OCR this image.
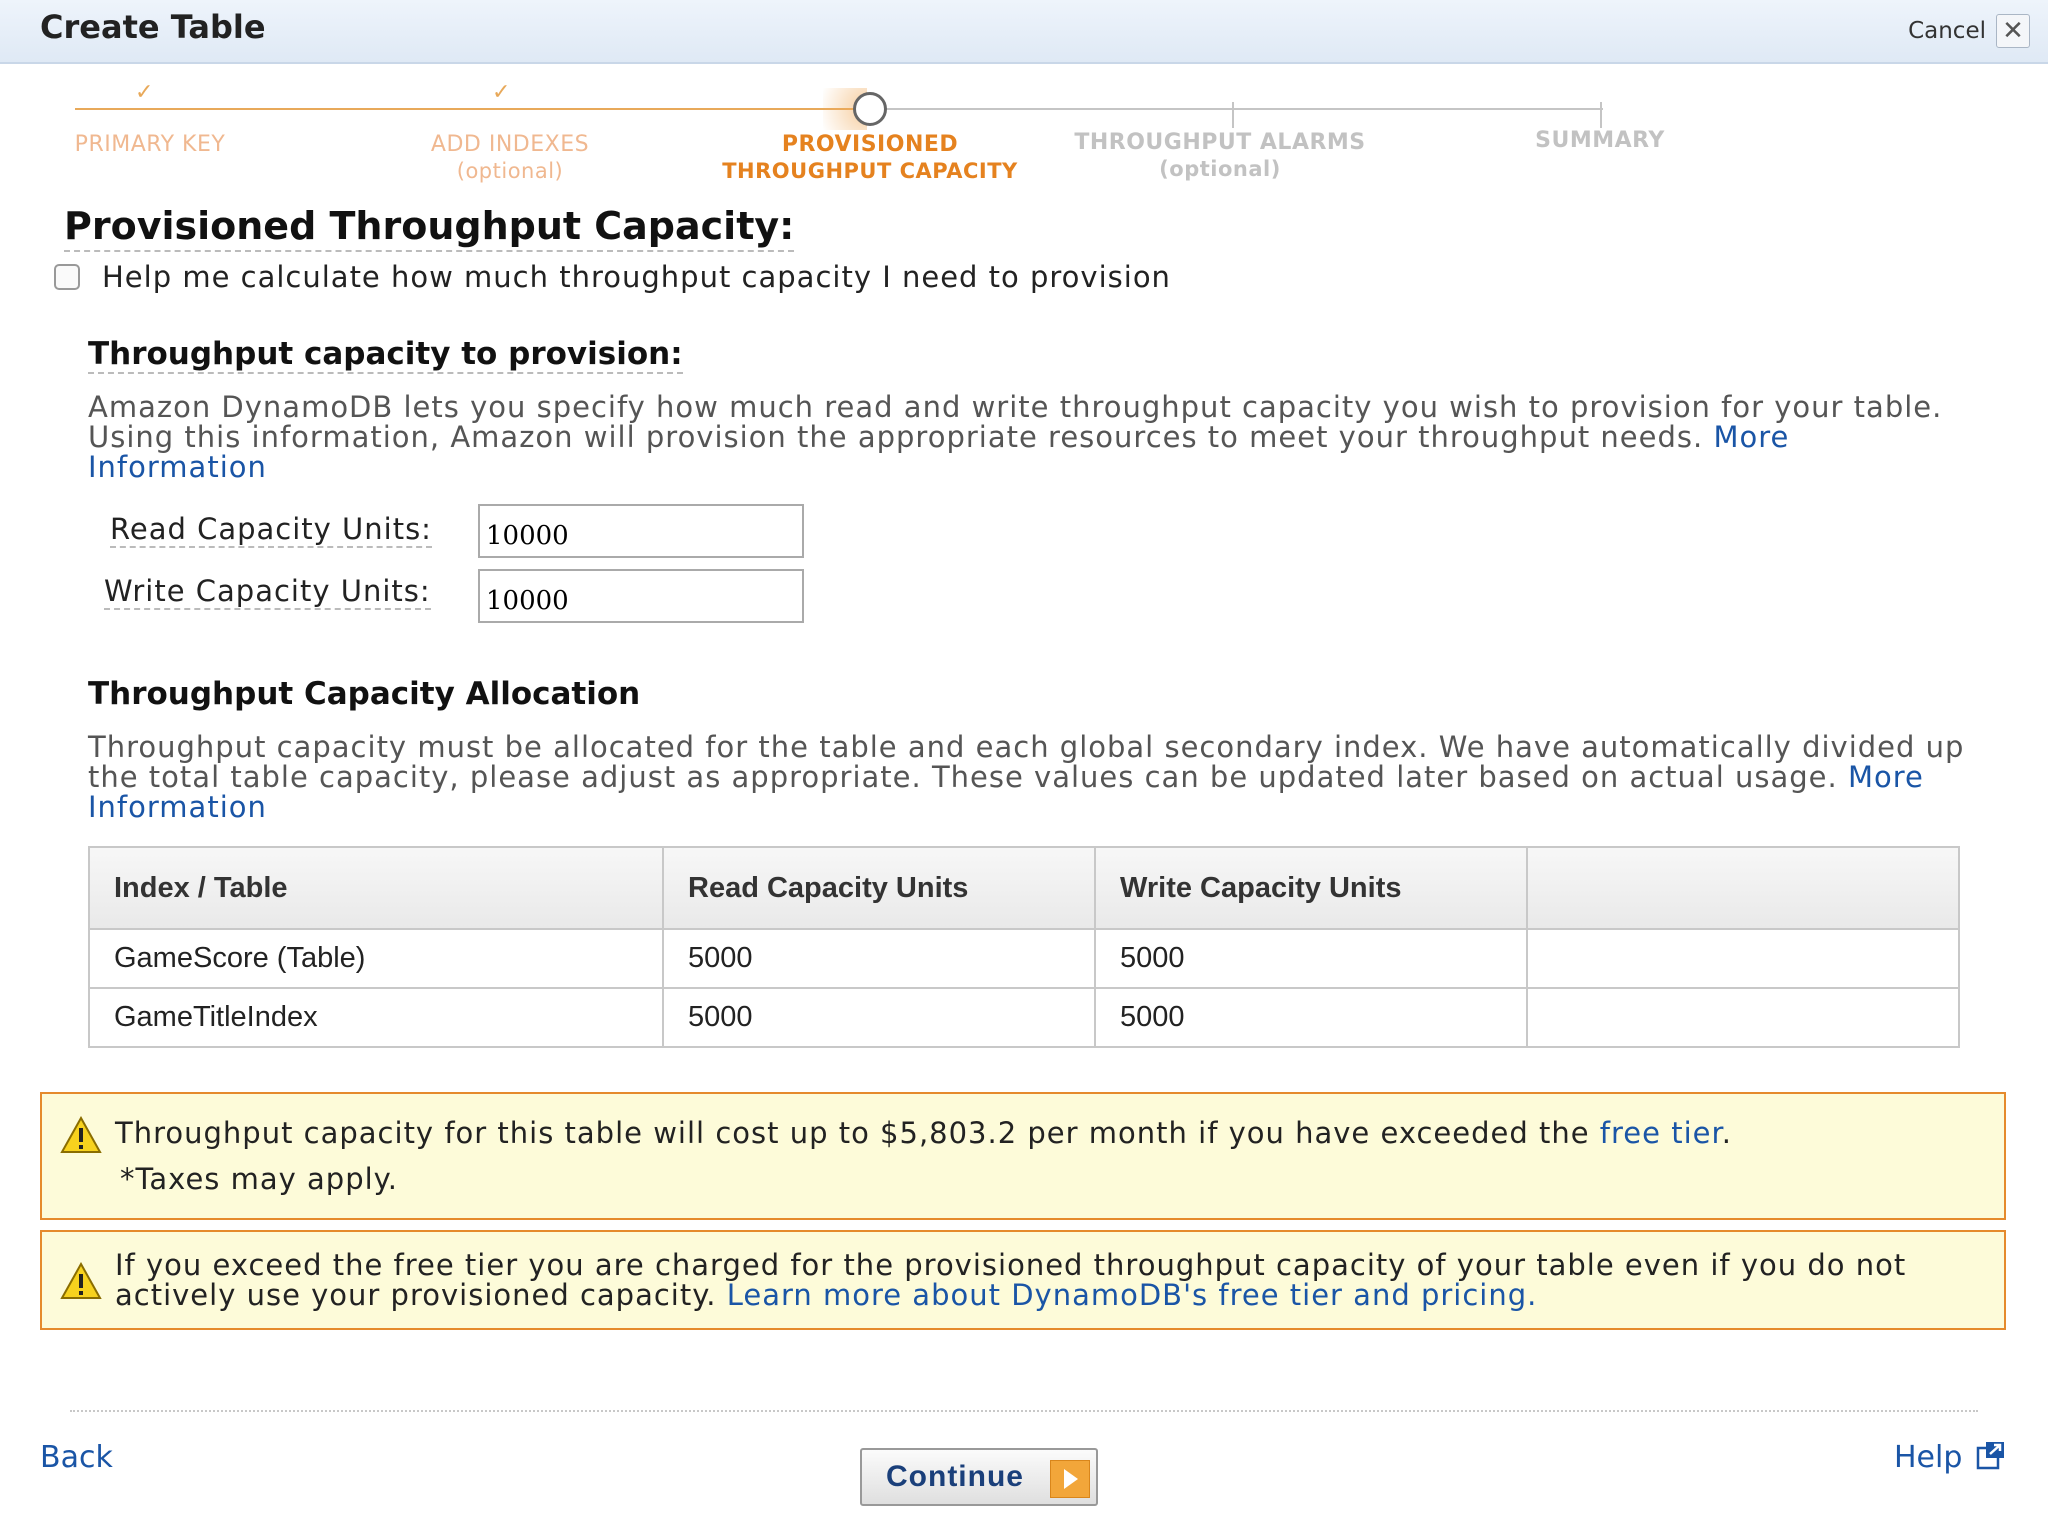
Create Table	Cancel ✕
✓	✓
PRIMARY KEY	ADD INDEXES
(optional)
PROVISIONED
THROUGHPUT CAPACITY
THROUGHPUT ALARMS
(optional)
SUMMARY
Provisioned Throughput Capacity:
Help me calculate how much throughput capacity I need to provision
Throughput capacity to provision:
Amazon DynamoDB lets you specify how much read and write throughput capacity you wish to provision for your table. Using this information, Amazon will provision the appropriate resources to meet your throughput needs. More Information
Read Capacity Units:
10000
Write Capacity Units:
10000
Throughput Capacity Allocation
Throughput capacity must be allocated for the table and each global secondary index. We have automatically divided up the total table capacity, please adjust as appropriate. These values can be updated later based on actual usage. More Information
Index / Table	Read Capacity Units	Write Capacity Units	
GameScore (Table)	5000	5000	
GameTitleIndex	5000	5000	
Throughput capacity for this table will cost up to $5,803.2 per month if you have exceeded the free tier.
*Taxes may apply.
If you exceed the free tier you are charged for the provisioned throughput capacity of your table even if you do not actively use your provisioned capacity. Learn more about DynamoDB's free tier and pricing.
Back
Continue
Help
